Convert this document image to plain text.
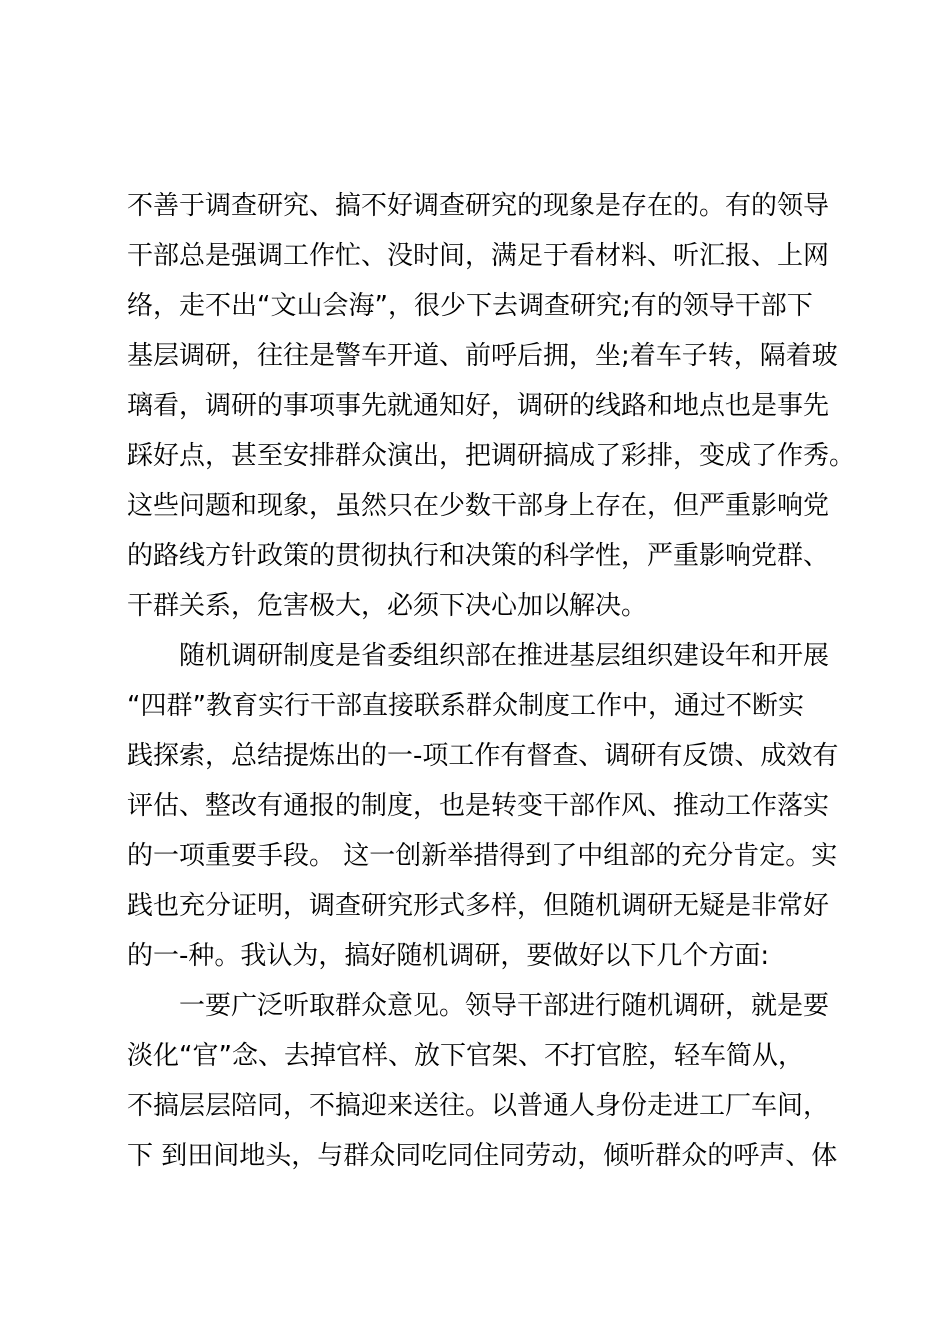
不善于调查研究、搞不好调查研究的现象是存在的。有的领导
干部总是强调工作忙、没时间，满足于看材料、听汇报、上网
络，走不出“文山会海”，很少下去调查研究;有的领导干部下
基层调研，往往是警车开道、前呼后拥，坐;着车子转，隔着玻
璃看，调研的事项事先就通知好，调研的线路和地点也是事先
踩好点，甚至安排群众演出，把调研搞成了彩排，变成了作秀。
这些问题和现象，虽然只在少数干部身上存在，但严重影响党
的路线方针政策的贯彻执行和决策的科学性，严重影响党群、
干群关系，危害极大，必须下决心加以解决。
随机调研制度是省委组织部在推进基层组织建设年和开展
“四群”教育实行干部直接联系群众制度工作中，通过不断实
践探索，总结提炼出的一-项工作有督查、调研有反馈、成效有
评估、整改有通报的制度，也是转变干部作风、推动工作落实
的一项重要手段。 这一创新举措得到了中组部的充分肯定。实
践也充分证明，调查研究形式多样，但随机调研无疑是非常好
的一-种。我认为，搞好随机调研，要做好以下几个方面:
一要广泛听取群众意见。领导干部进行随机调研，就是要
淡化“官”念、去掉官样、放下官架、不打官腔，轻车简从，
不搞层层陪同，不搞迎来送往。以普通人身份走进工厂车间，
下 到田间地头，与群众同吃同住同劳动，倾听群众的呼声、体
